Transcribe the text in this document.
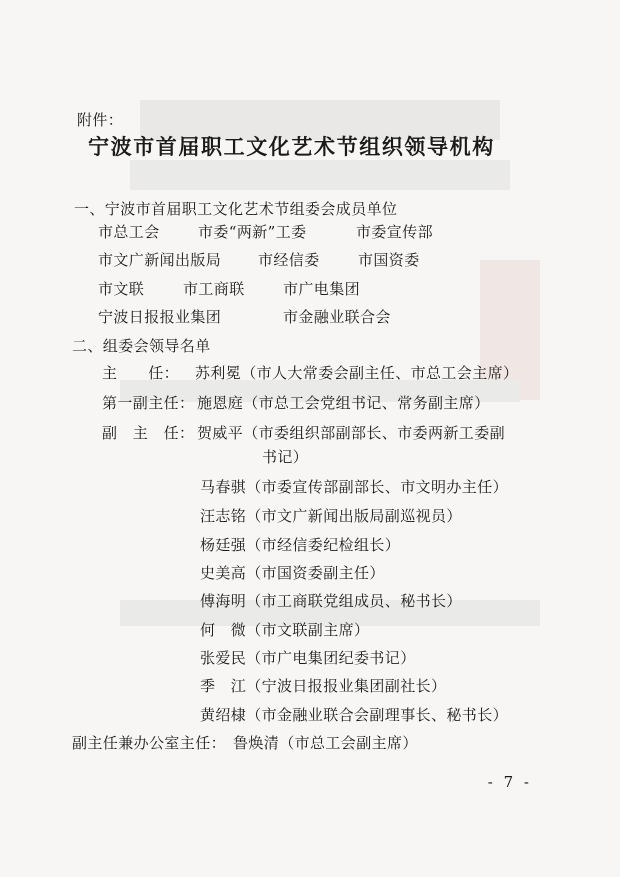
附件：
宁波市首届职工文化艺术节组织领导机构
一、宁波市首届职工文化艺术节组委会成员单位
市总工会	市委“两新”工委	市委宣传部
市文广新闻出版局 市经信委	市国资委
市文联	市工商联	市广电集团
宁波日报报业集团	市金融业联合会
二、组委会领导名单
主　　任： 苏利冕（市人大常委会副主任、市总工会主席）
第一副主任： 施恩庭（市总工会党组书记、常务副主席）
副　主　任： 贺威平（市委组织部副部长、市委两新工委副
书记）
马春骐（市委宣传部副部长、市文明办主任）
汪志铭（市文广新闻出版局副巡视员）
杨廷强（市经信委纪检组长）
史美高（市国资委副主任）
傅海明（市工商联党组成员、秘书长）
何　微（市文联副主席）
张爱民（市广电集团纪委书记）
季　江（宁波日报报业集团副社长）
黄绍棣（市金融业联合会副理事长、秘书长）
副主任兼办公室主任： 鲁焕清（市总工会副主席）
- 7 -
